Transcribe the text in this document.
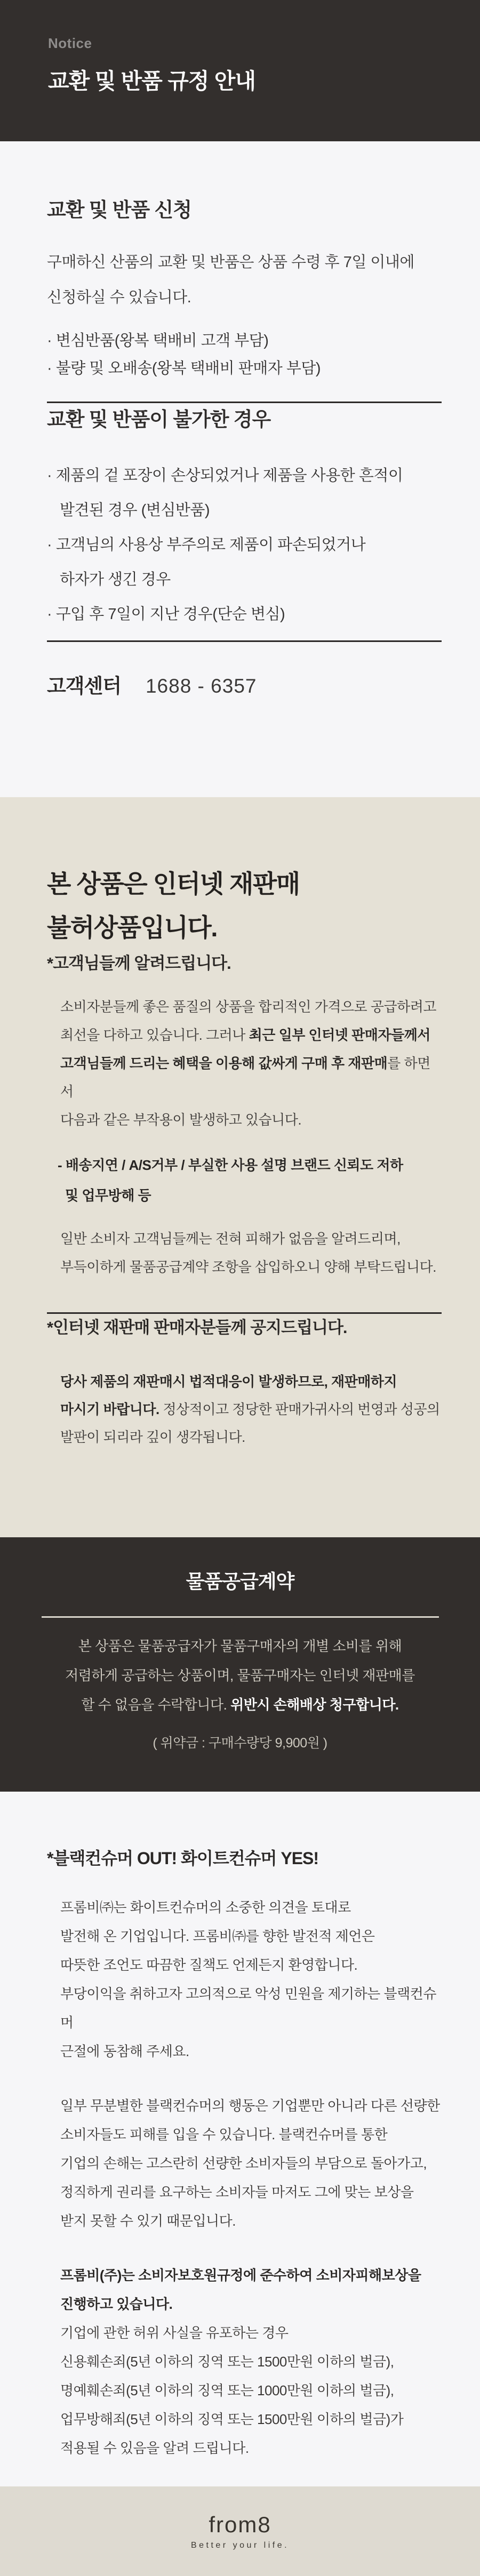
Notice
교환 및 반품 규정 안내
교환 및 반품 신청
구매하신 산품의 교환 및 반품은 상품 수령 후 7일 이내에
신청하실 수 있습니다.
· 변심반품(왕복 택배비 고객 부담)
· 불량 및 오배송(왕복 택배비 판매자 부담)
교환 및 반품이 불가한 경우
· 제품의 겉 포장이 손상되었거나 제품을 사용한 흔적이
발견된 경우 (변심반품)
· 고객님의 사용상 부주의로 제품이 파손되었거나
하자가 생긴 경우
· 구입 후 7일이 지난 경우(단순 변심)
고객센터 1688 - 6357
본 상품은 인터넷 재판매
불허상품입니다.
*고객님들께 알려드립니다.
소비자분들께 좋은 품질의 상품을 합리적인 가격으로 공급하려고
최선을 다하고 있습니다. 그러나 최근 일부 인터넷 판매자들께서
고객님들께 드리는 혜택을 이용해 값싸게 구매 후 재판매를 하면서
다음과 같은 부작용이 발생하고 있습니다.
- 배송지연 / A/S거부 / 부실한 사용 설명 브랜드 신뢰도 저하
및 업무방해 등
일반 소비자 고객님들께는 전혀 피해가 없음을 알려드리며,
부득이하게 물품공급계약 조항을 삽입하오니 양해 부탁드립니다.
*인터넷 재판매 판매자분들께 공지드립니다.
당사 제품의 재판매시 법적대응이 발생하므로, 재판매하지
마시기 바랍니다. 정상적이고 정당한 판매가귀사의 번영과 성공의
발판이 되리라 깊이 생각됩니다.
물품공급계약
본 상품은 물품공급자가 물품구매자의 개별 소비를 위해
저렴하게 공급하는 상품이며, 물품구매자는 인터넷 재판매를
할 수 없음을 수락합니다. 위반시 손해배상 청구합니다.
( 위약금 : 구매수량당 9,900원 )
*블랙컨슈머 OUT! 화이트컨슈머 YES!
프롬비㈜는 화이트컨슈머의 소중한 의견을 토대로
발전해 온 기업입니다. 프롬비㈜를 향한 발전적 제언은
따뜻한 조언도 따끔한 질책도 언제든지 환영합니다.
부당이익을 취하고자 고의적으로 악성 민원을 제기하는 블랙컨슈머
근절에 동참해 주세요.
일부 무분별한 블랙컨슈머의 행동은 기업뿐만 아니라 다른 선량한
소비자들도 피해를 입을 수 있습니다. 블랙컨슈머를 통한
기업의 손해는 고스란히 선량한 소비자들의 부담으로 돌아가고,
정직하게 권리를 요구하는 소비자들 마저도 그에 맞는 보상을
받지 못할 수 있기 때문입니다.
프롬비(주)는 소비자보호원규정에 준수하여 소비자피해보상을
진행하고 있습니다.
기업에 관한 허위 사실을 유포하는 경우
신용훼손죄(5년 이하의 징역 또는 1500만원 이하의 벌금),
명예훼손죄(5년 이하의 징역 또는 1000만원 이하의 벌금),
업무방해죄(5년 이하의 징역 또는 1500만원 이하의 벌금)가
적용될 수 있음을 알려 드립니다.
from8
Better your life.
